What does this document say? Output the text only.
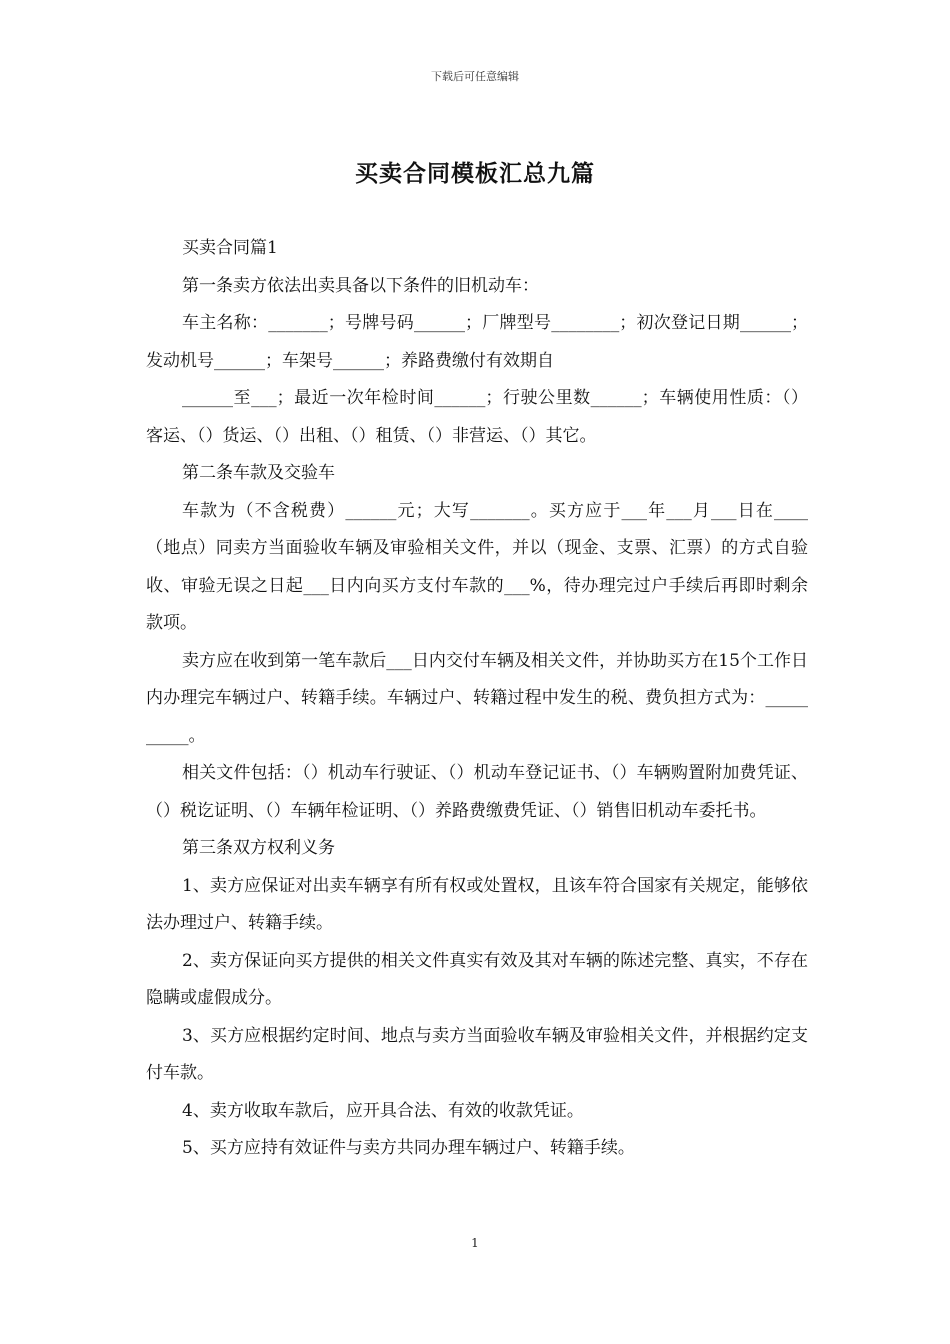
下载后可任意编辑
买卖合同模板汇总九篇

买卖合同篇1

第一条卖方依法出卖具备以下条件的旧机动车：

车主名称：_______；号牌号码______；厂牌型号________；初次登记日期______；发动机号______；车架号______；养路费缴付有效期自

______至___；最近一次年检时间______；行驶公里数______；车辆使用性质：（）客运、（）货运、（）出租、（）租赁、（）非营运、（）其它。

第二条车款及交验车

车款为（不含税费）______元；大写_______。买方应于___年___月___日在____（地点）同卖方当面验收车辆及审验相关文件，并以（现金、支票、汇票）的方式自验收、审验无误之日起___日内向买方支付车款的___%，待办理完过户手续后再即时剩余款项。

卖方应在收到第一笔车款后___日内交付车辆及相关文件，并协助买方在15个工作日内办理完车辆过户、转籍手续。车辆过户、转籍过程中发生的税、费负担方式为：__________。

相关文件包括：（）机动车行驶证、（）机动车登记证书、（）车辆购置附加费凭证、（）税讫证明、（）车辆年检证明、（）养路费缴费凭证、（）销售旧机动车委托书。

第三条双方权利义务

1、卖方应保证对出卖车辆享有所有权或处置权，且该车符合国家有关规定，能够依法办理过户、转籍手续。

2、卖方保证向买方提供的相关文件真实有效及其对车辆的陈述完整、真实，不存在隐瞒或虚假成分。

3、买方应根据约定时间、地点与卖方当面验收车辆及审验相关文件，并根据约定支付车款。

4、卖方收取车款后，应开具合法、有效的收款凭证。

5、买方应持有效证件与卖方共同办理车辆过户、转籍手续。

1
